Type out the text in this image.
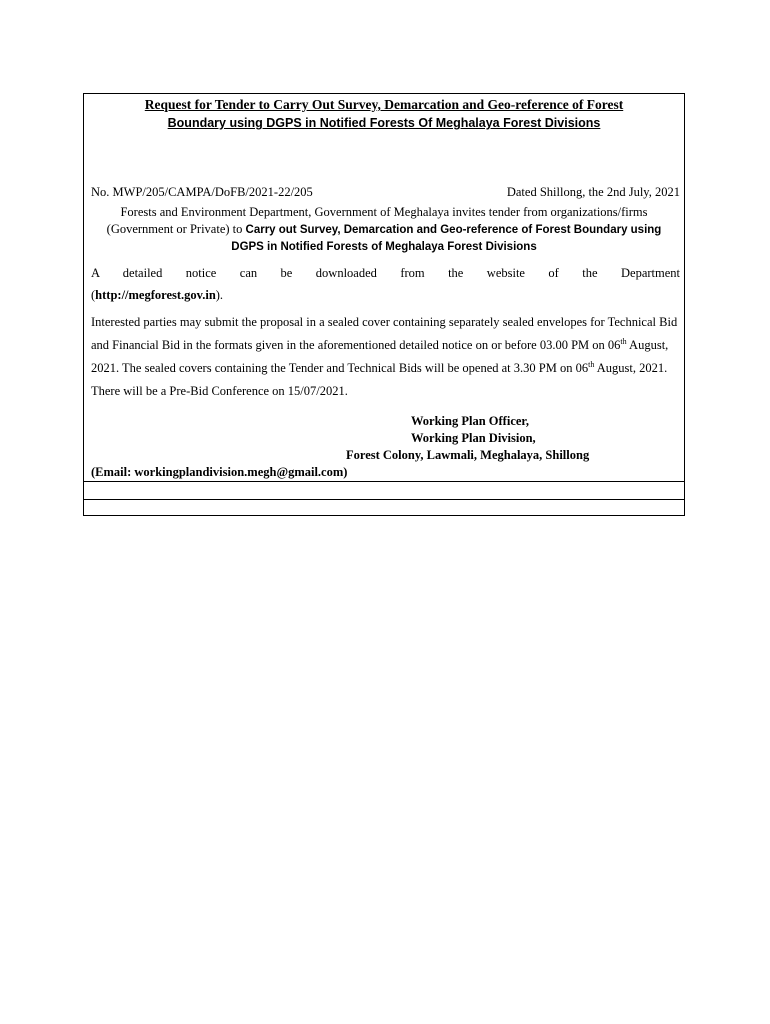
Request for Tender to Carry Out Survey, Demarcation and Geo-reference of Forest
Boundary using DGPS in Notified Forests Of Meghalaya Forest Divisions
No. MWP/205/CAMPA/DoFB/2021-22/205	Dated Shillong, the 2nd July, 2021
Forests and Environment Department, Government of Meghalaya invites tender from organizations/firms (Government or Private) to Carry out Survey, Demarcation and Geo-reference of Forest Boundary using DGPS in Notified Forests of Meghalaya Forest Divisions

A detailed notice can be downloaded from the website of the Department
(http://megforest.gov.in).

Interested parties may submit the proposal in a sealed cover containing separately sealed envelopes for Technical Bid and Financial Bid in the formats given in the aforementioned detailed notice on or before 03.00 PM on 06th August, 2021. The sealed covers containing the Tender and Technical Bids will be opened at 3.30 PM on 06th August, 2021. There will be a Pre-Bid Conference on 15/07/2021.

Working Plan Officer,
Working Plan Division,
Forest Colony, Lawmali, Meghalaya, Shillong
(Email: workingplandivision.megh@gmail.com)
